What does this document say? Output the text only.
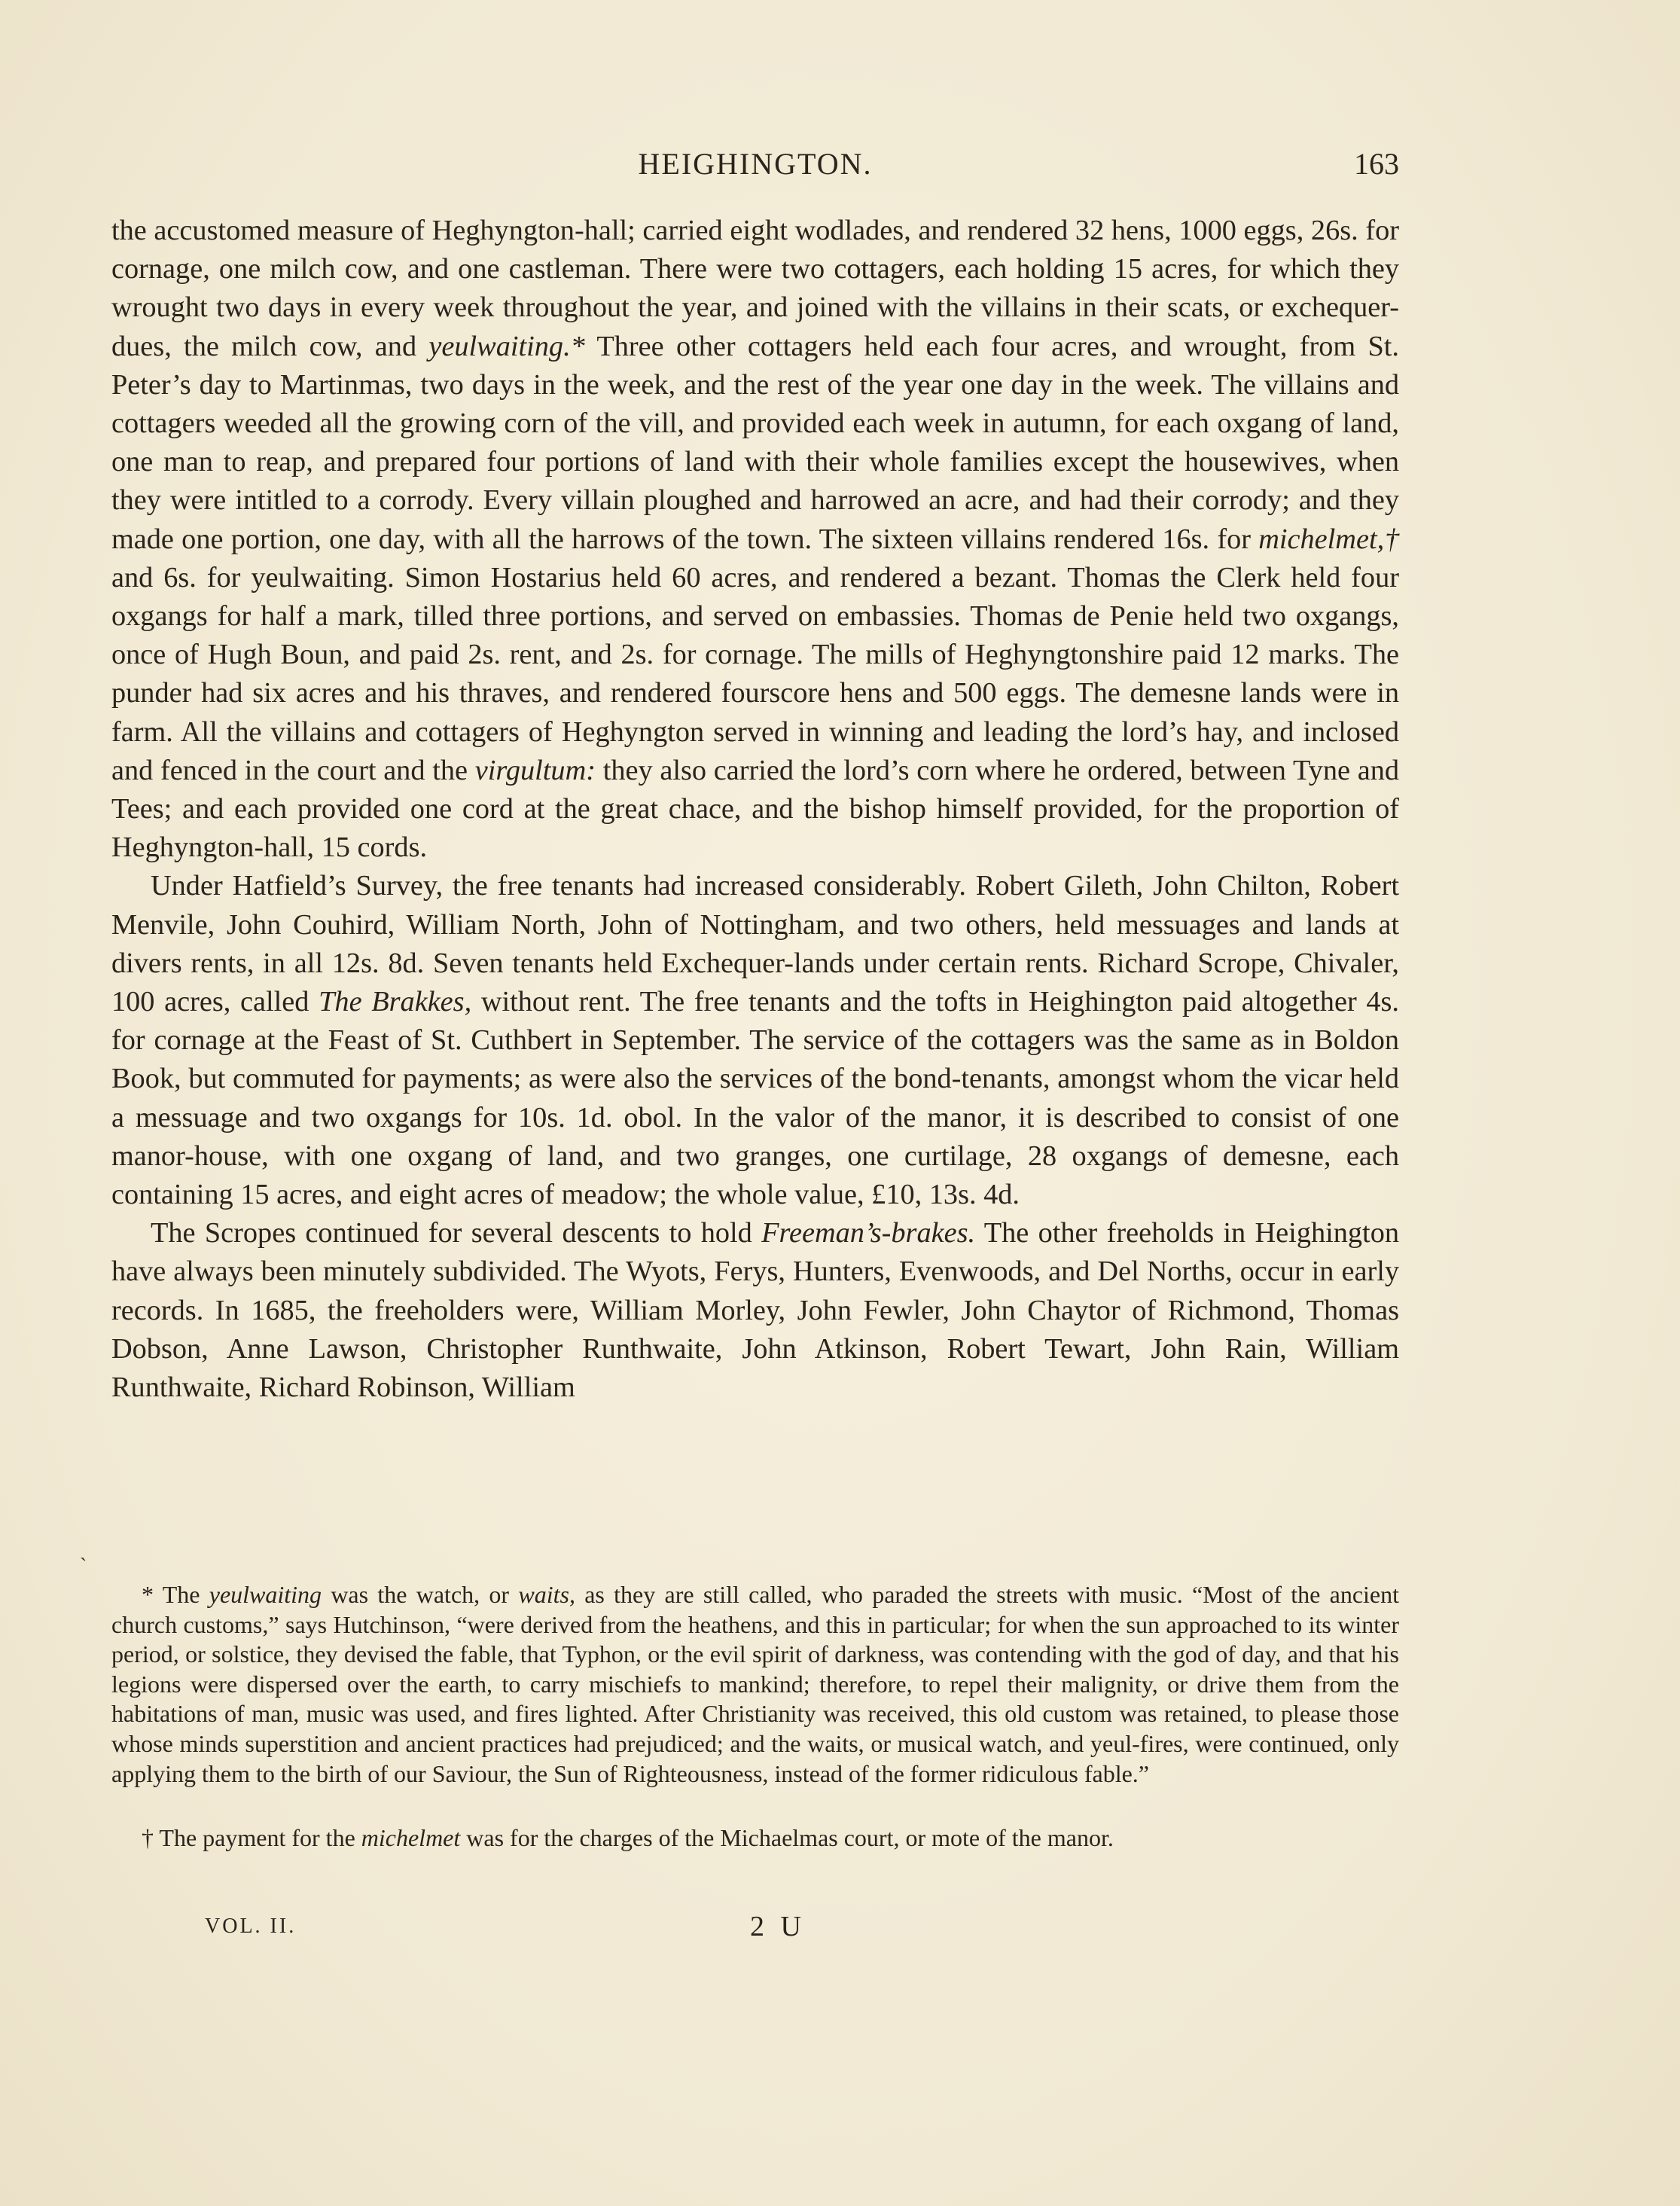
HEIGHINGTON.	163

the accustomed measure of Heghyngton-hall; carried eight wodlades, and rendered 32 hens, 1000 eggs, 26s. for cornage, one milch cow, and one castleman. There were two cottagers, each holding 15 acres, for which they wrought two days in every week throughout the year, and joined with the villains in their scats, or exchequer-dues, the milch cow, and yeulwaiting.* Three other cottagers held each four acres, and wrought, from St. Peter’s day to Martinmas, two days in the week, and the rest of the year one day in the week. The villains and cottagers weeded all the growing corn of the vill, and provided each week in autumn, for each oxgang of land, one man to reap, and prepared four portions of land with their whole families except the housewives, when they were intitled to a corrody. Every villain ploughed and harrowed an acre, and had their corrody; and they made one portion, one day, with all the harrows of the town. The sixteen villains rendered 16s. for michelmet,† and 6s. for yeulwaiting. Simon Hostarius held 60 acres, and rendered a bezant. Thomas the Clerk held four oxgangs for half a mark, tilled three portions, and served on embassies. Thomas de Penie held two oxgangs, once of Hugh Boun, and paid 2s. rent, and 2s. for cornage. The mills of Heghyngtonshire paid 12 marks. The punder had six acres and his thraves, and rendered fourscore hens and 500 eggs. The demesne lands were in farm. All the villains and cottagers of Heghyngton served in winning and leading the lord’s hay, and inclosed and fenced in the court and the virgultum: they also carried the lord’s corn where he ordered, between Tyne and Tees; and each provided one cord at the great chace, and the bishop himself provided, for the proportion of Heghyngton-hall, 15 cords.

Under Hatfield’s Survey, the free tenants had increased considerably. Robert Gileth, John Chilton, Robert Menvile, John Couhird, William North, John of Nottingham, and two others, held messuages and lands at divers rents, in all 12s. 8d. Seven tenants held Exchequer-lands under certain rents. Richard Scrope, Chivaler, 100 acres, called The Brakkes, without rent. The free tenants and the tofts in Heighington paid altogether 4s. for cornage at the Feast of St. Cuthbert in September. The service of the cottagers was the same as in Boldon Book, but commuted for payments; as were also the services of the bond-tenants, amongst whom the vicar held a messuage and two oxgangs for 10s. 1d. obol. In the valor of the manor, it is described to consist of one manor-house, with one oxgang of land, and two granges, one curtilage, 28 oxgangs of demesne, each containing 15 acres, and eight acres of meadow; the whole value, £10, 13s. 4d.

The Scropes continued for several descents to hold Freeman’s-brakes. The other freeholds in Heighington have always been minutely subdivided. The Wyots, Ferys, Hunters, Evenwoods, and Del Norths, occur in early records. In 1685, the freeholders were, William Morley, John Fewler, John Chaytor of Richmond, Thomas Dobson, Anne Lawson, Christopher Runthwaite, John Atkinson, Robert Tewart, John Rain, William Runthwaite, Richard Robinson, William

`

* The yeulwaiting was the watch, or waits, as they are still called, who paraded the streets with music. “Most of the ancient church customs,” says Hutchinson, “were derived from the heathens, and this in particular; for when the sun approached to its winter period, or solstice, they devised the fable, that Typhon, or the evil spirit of darkness, was contending with the god of day, and that his legions were dispersed over the earth, to carry mischiefs to mankind; therefore, to repel their malignity, or drive them from the habitations of man, music was used, and fires lighted. After Christianity was received, this old custom was retained, to please those whose minds superstition and ancient practices had prejudiced; and the waits, or musical watch, and yeul-fires, were continued, only applying them to the birth of our Saviour, the Sun of Righteousness, instead of the former ridiculous fable.”

† The payment for the michelmet was for the charges of the Michaelmas court, or mote of the manor.

VOL. II.	2 U
